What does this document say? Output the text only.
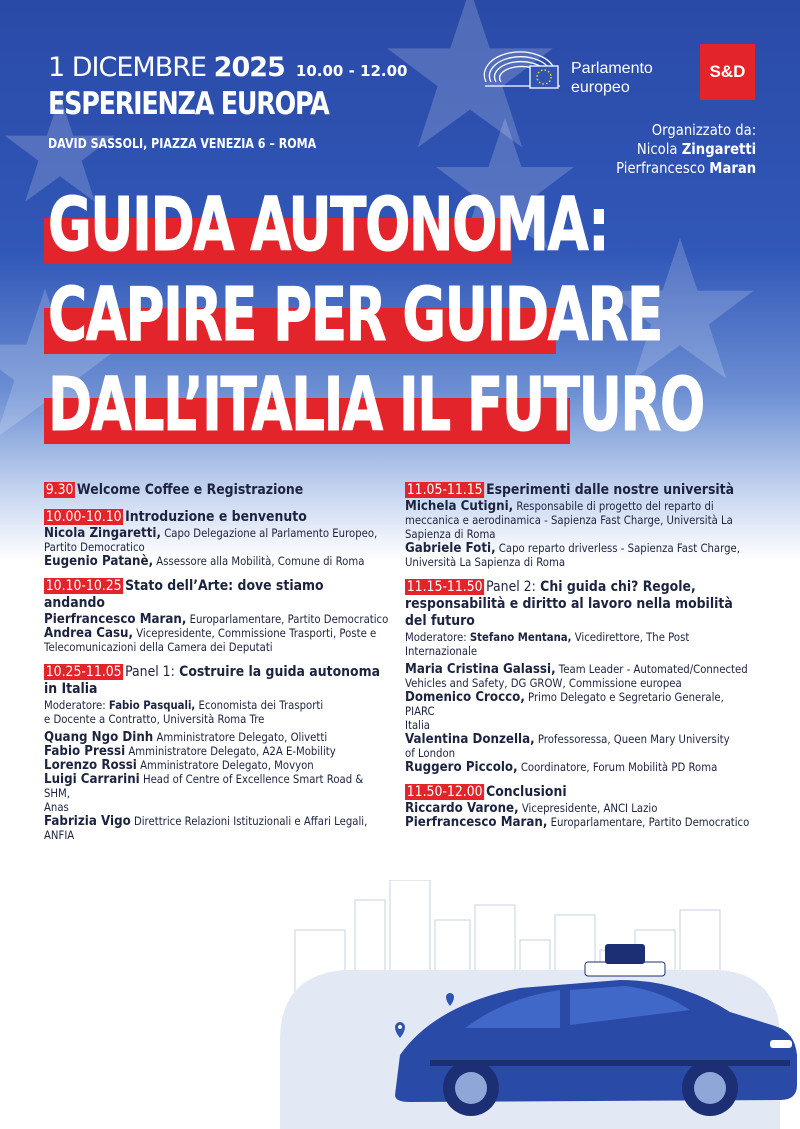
1 DICEMBRE 2025 10.00 - 12.00
ESPERIENZA EUROPA
DAVID SASSOLI, PIAZZA VENEZIA 6 – ROMA
Parlamento
europeo
S&D
Organizzato da:
Nicola Zingaretti
Pierfrancesco Maran
GUIDA AUTONOMA:
CAPIRE PER GUIDARE
DALL’ITALIA IL FUTURO
9.30 Welcome Coffee e Registrazione
10.00-10.10 Introduzione e benvenuto
Nicola Zingaretti, Capo Delegazione al Parlamento Europeo,
Partito Democratico
Eugenio Patanè, Assessore alla Mobilità, Comune di Roma
10.10-10.25 Stato dell’Arte: dove stiamo andando
Pierfrancesco Maran, Europarlamentare, Partito Democratico
Andrea Casu, Vicepresidente, Commissione Trasporti, Poste e
Telecomunicazioni della Camera dei Deputati
10.25-11.05 Panel 1: Costruire la guida autonoma
in Italia
Moderatore: Fabio Pasquali, Economista dei Trasporti
e Docente a Contratto, Università Roma Tre
Quang Ngo Dinh Amministratore Delegato, Olivetti
Fabio Pressi Amministratore Delegato, A2A E-Mobility
Lorenzo Rossi Amministratore Delegato, Movyon
Luigi Carrarini Head of Centre of Excellence Smart Road & SHM,
Anas
Fabrizia Vigo Direttrice Relazioni Istituzionali e Affari Legali,
ANFIA
11.05-11.15 Esperimenti dalle nostre università
Michela Cutigni, Responsabile di progetto del reparto di
meccanica e aerodinamica - Sapienza Fast Charge, Università La
Sapienza di Roma
Gabriele Foti, Capo reparto driverless - Sapienza Fast Charge,
Università La Sapienza di Roma
11.15-11.50 Panel 2: Chi guida chi? Regole,
responsabilità e diritto al lavoro nella mobilità
del futuro
Moderatore: Stefano Mentana, Vicedirettore, The Post
Internazionale
Maria Cristina Galassi, Team Leader - Automated/Connected
Vehicles and Safety, DG GROW, Commissione europea
Domenico Crocco, Primo Delegato e Segretario Generale, PIARC
Italia
Valentina Donzella, Professoressa, Queen Mary University
of London
Ruggero Piccolo, Coordinatore, Forum Mobilità PD Roma
11.50-12.00 Conclusioni
Riccardo Varone, Vicepresidente, ANCI Lazio
Pierfrancesco Maran, Europarlamentare, Partito Democratico
